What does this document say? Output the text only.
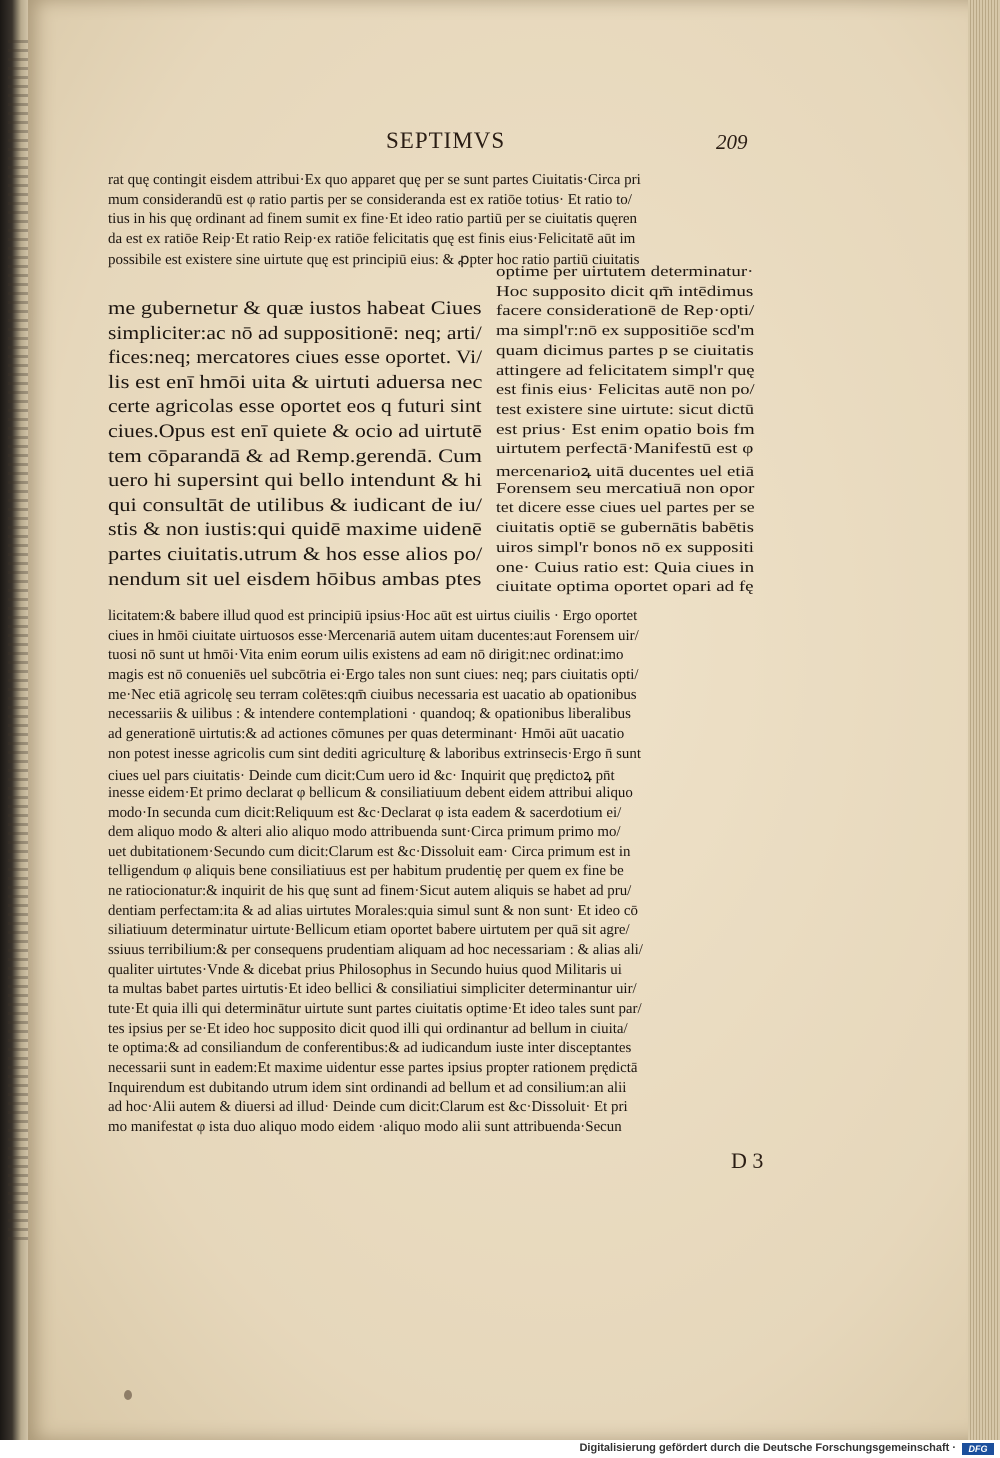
SEPTIMVS	209
rat quę contingit eisdem attribui·Ex quo apparet quę per se sunt partes Ciuitatis·Circa pri
mum considerandū est φ ratio partis per se consideranda est ex ratiōe totius· Et ratio to/
tius in his quę ordinant ad finem sumit ex fine·Et ideo ratio partiū per se ciuitatis quęren
da est ex ratiōe Reip·Et ratio Reip·ex ratiōe felicitatis quę est finis eius·Felicitatē aūt im
possibile est existere sine uirtute quę est principiū eius: & ꝓpter hoc ratio partiū ciuitatis
optime per uirtutem determinatur·
Hoc supposito dicit qm̄ intēdimus
facere considerationē de Rep·opti/
ma simpl'r:nō ex suppositiōe scd'm
quam dicimus partes p se ciuitatis
attingere ad felicitatem simpl'r quę
est finis eius· Felicitas autē non po/
test existere sine uirtute: sicut dictū
est prius· Est enim opatio bois fm
uirtutem perfectā·Manifestū est φ
mercenarioꝝ uitā ducentes uel etiā
Forensem seu mercatiuā non opor
tet dicere esse ciues uel partes per se
ciuitatis optiē se gubernātis babētis
uiros simpl'r bonos nō ex suppositi
one· Cuius ratio est: Quia ciues in
ciuitate optima oportet opari ad fę
me gubernetur & quæ iustos habeat Ciues
simpliciter:ac nō ad suppositionē: neq; arti/
fices:neq; mercatores ciues esse oportet. Vi/
lis est enī hmōi uita & uirtuti aduersa nec
certe agricolas esse oportet eos q futuri sint
ciues.Opus est enī quiete & ocio ad uirtutē
tem cōparandā & ad Remp.gerendā. Cum
uero hi supersint qui bello intendunt & hi
qui consultāt de utilibus & iudicant de iu/
stis & non iustis:qui quidē maxime uidenē
partes ciuitatis.utrum & hos esse alios po/
nendum sit uel eisdem hōibus ambas ptes
licitatem:& babere illud quod est principiū ipsius·Hoc aūt est uirtus ciuilis · Ergo oportet
ciues in hmōi ciuitate uirtuosos esse·Mercenariā autem uitam ducentes:aut Forensem uir/
tuosi nō sunt ut hmōi·Vita enim eorum uilis existens ad eam nō dirigit:nec ordinat:imo
magis est nō conueniēs uel subcōtria ei·Ergo tales non sunt ciues: neq; pars ciuitatis opti/
me·Nec etiā agricolę seu terram colētes:qm̄ ciuibus necessaria est uacatio ab opationibus
necessariis & uilibus : & intendere contemplationi · quandoq; & opationibus liberalibus
ad generationē uirtutis:& ad actiones cōmunes per quas determinant· Hmōi aūt uacatio
non potest inesse agricolis cum sint dediti agriculturę & laboribus extrinsecis·Ergo n̄ sunt
ciues uel pars ciuitatis· Deinde cum dicit:Cum uero id &c· Inquirit quę prędictoꝝ pn̄t
inesse eidem·Et primo declarat φ bellicum & consiliatiuum debent eidem attribui aliquo
modo·In secunda cum dicit:Reliquum est &c·Declarat φ ista eadem & sacerdotium ei/
dem aliquo modo & alteri alio aliquo modo attribuenda sunt·Circa primum primo mo/
uet dubitationem·Secundo cum dicit:Clarum est &c·Dissoluit eam· Circa primum est in
telligendum φ aliquis bene consiliatiuus est per habitum prudentię per quem ex fine be
ne ratiocionatur:& inquirit de his quę sunt ad finem·Sicut autem aliquis se habet ad pru/
dentiam perfectam:ita & ad alias uirtutes Morales:quia simul sunt & non sunt· Et ideo cō
siliatiuum determinatur uirtute·Bellicum etiam oportet babere uirtutem per quā sit agre/
ssiuus terribilium:& per consequens prudentiam aliquam ad hoc necessariam : & alias ali/
qualiter uirtutes·Vnde & dicebat prius Philosophus in Secundo huius quod Militaris ui
ta multas babet partes uirtutis·Et ideo bellici & consiliatiui simpliciter determinantur uir/
tute·Et quia illi qui determinātur uirtute sunt partes ciuitatis optime·Et ideo tales sunt par/
tes ipsius per se·Et ideo hoc supposito dicit quod illi qui ordinantur ad bellum in ciuita/
te optima:& ad consiliandum de conferentibus:& ad iudicandum iuste inter disceptantes
necessarii sunt in eadem:Et maxime uidentur esse partes ipsius propter rationem prędictā
Inquirendum est dubitando utrum idem sint ordinandi ad bellum et ad consilium:an alii
ad hoc·Alii autem & diuersi ad illud· Deinde cum dicit:Clarum est &c·Dissoluit· Et pri
mo manifestat φ ista duo aliquo modo eidem ·aliquo modo alii sunt attribuenda·Secun
D 3
Digitalisierung gefördert durch die Deutsche Forschungsgemeinschaft ·	DFG
